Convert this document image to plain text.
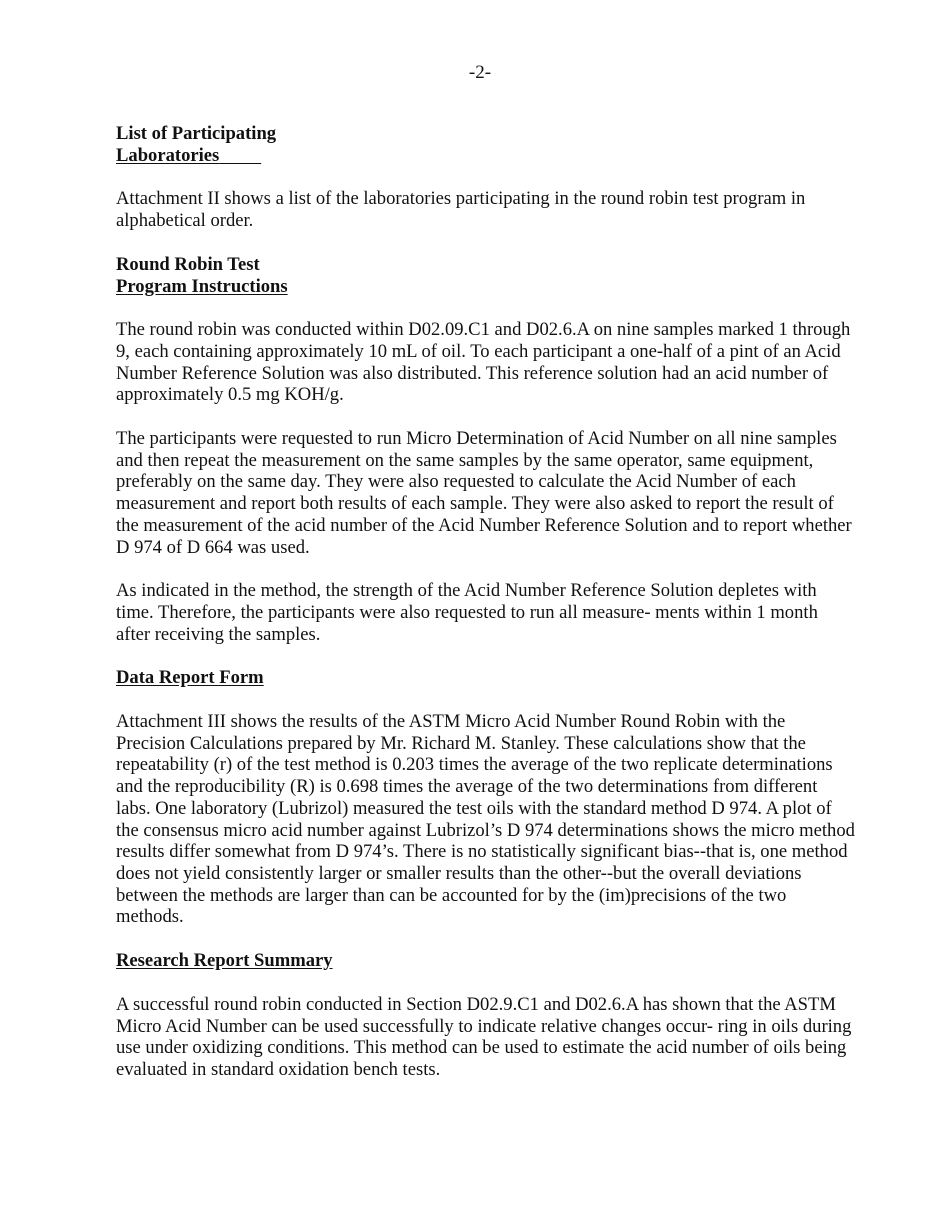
-2-
List of Participating
Laboratories

Attachment II shows a list of the laboratories participating in the round robin test program in alphabetical order.

Round Robin Test
Program Instructions

The round robin was conducted within D02.09.C1 and D02.6.A on nine samples marked 1 through 9, each containing approximately 10 mL of oil. To each participant a one-half of a pint of an Acid Number Reference Solution was also distributed. This reference solution had an acid number of approximately 0.5 mg KOH/g.

The participants were requested to run Micro Determination of Acid Number on all nine samples and then repeat the measurement on the same samples by the same operator, same equipment, preferably on the same day. They were also requested to calculate the Acid Number of each measurement and report both results of each sample. They were also asked to report the result of the measurement of the acid number of the Acid Number Reference Solution and to report whether D 974 of D 664 was used.

As indicated in the method, the strength of the Acid Number Reference Solution depletes with time. Therefore, the participants were also requested to run all measure- ments within 1 month after receiving the samples.

Data Report Form

Attachment III shows the results of the ASTM Micro Acid Number Round Robin with the Precision Calculations prepared by Mr. Richard M. Stanley. These calculations show that the repeatability (r) of the test method is 0.203 times the average of the two replicate determinations and the reproducibility (R) is 0.698 times the average of the two determinations from different labs. One laboratory (Lubrizol) measured the test oils with the standard method D 974. A plot of the consensus micro acid number against Lubrizol’s D 974 determinations shows the micro method results differ somewhat from D 974’s. There is no statistically significant bias--that is, one method does not yield consistently larger or smaller results than the other--but the overall deviations between the methods are larger than can be accounted for by the (im)precisions of the two methods.

Research Report Summary

A successful round robin conducted in Section D02.9.C1 and D02.6.A has shown that the ASTM Micro Acid Number can be used successfully to indicate relative changes occur- ring in oils during use under oxidizing conditions. This method can be used to estimate the acid number of oils being evaluated in standard oxidation bench tests.
